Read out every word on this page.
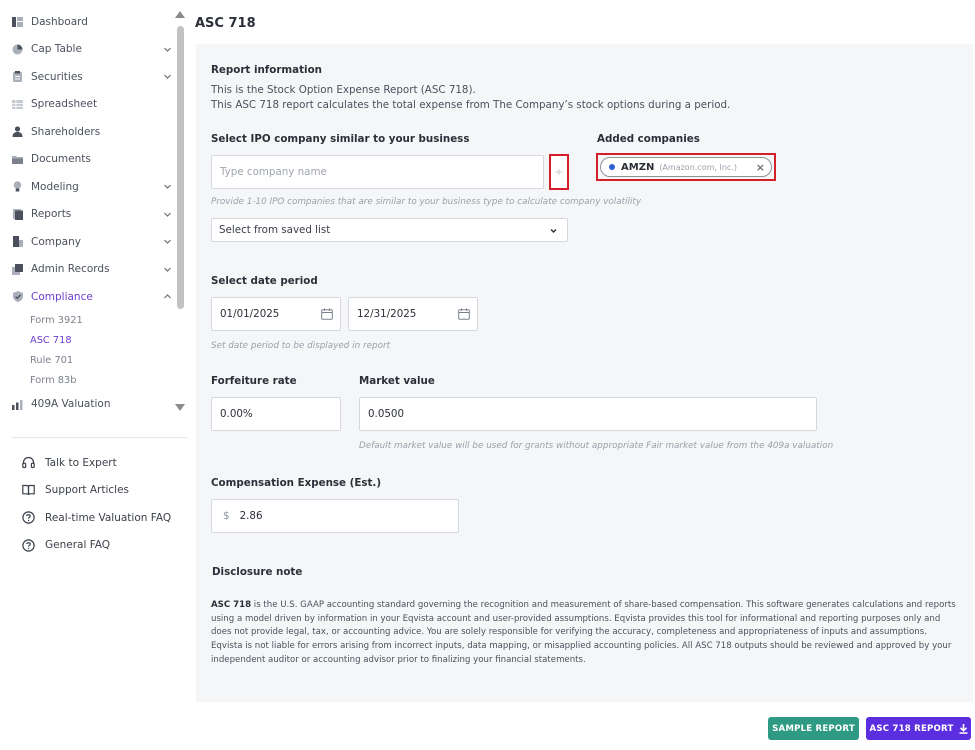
Dashboard
Cap Table
Securities
Spreadsheet
Shareholders
Documents
Modeling
Reports
Company
Admin Records
Compliance
Form 3921
ASC 718
Rule 701
Form 83b
409A Valuation
Talk to Expert
Support Articles
Real-time Valuation FAQ
General FAQ
ASC 718
Report information
This is the Stock Option Expense Report (ASC 718).
This ASC 718 report calculates the total expense from The Company’s stock options during a period.
Select IPO company similar to your business
Type company name
+
Provide 1-10 IPO companies that are similar to your business type to calculate company volatility
Select from saved list
Added companies
AMZN (Amazon.com, Inc.) ×
Select date period
01/01/2025	12/31/2025
Set date period to be displayed in report
Forfeiture rate
0.00%
Market value
0.0500
Default market value will be used for grants without appropriate Fair market value from the 409a valuation
Compensation Expense (Est.)
$ 2.86
Disclosure note
ASC 718 is the U.S. GAAP accounting standard governing the recognition and measurement of share-based compensation. This software generates calculations and reports using a model driven by information in your Eqvista account and user-provided assumptions. Eqvista provides this tool for informational and reporting purposes only and does not provide legal, tax, or accounting advice. You are solely responsible for verifying the accuracy, completeness and appropriateness of inputs and assumptions. Eqvista is not liable for errors arising from incorrect inputs, data mapping, or misapplied accounting policies. All ASC 718 outputs should be reviewed and approved by your independent auditor or accounting advisor prior to finalizing your financial statements.
SAMPLE REPORT ASC 718 REPORT
